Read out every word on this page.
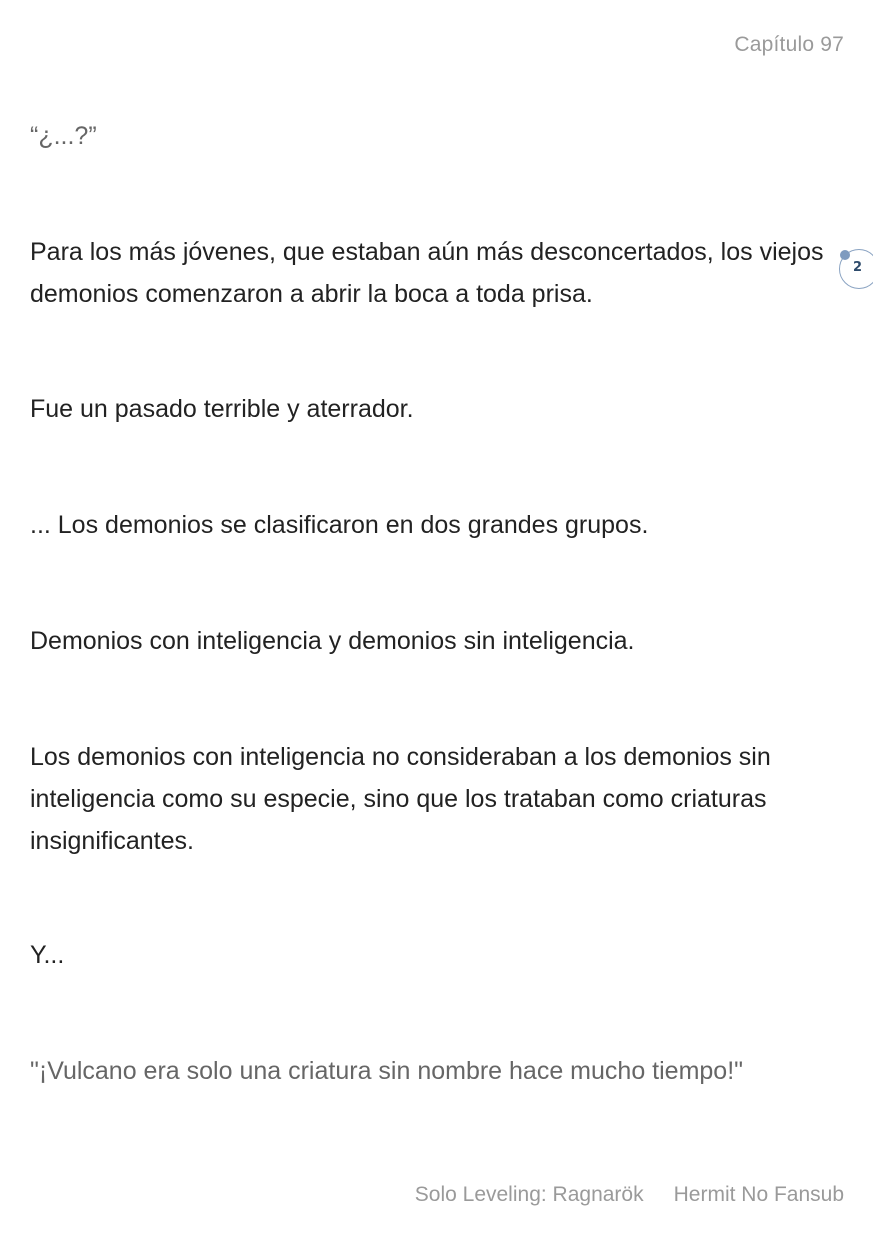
Capítulo 97

“¿...?”

Para los más jóvenes, que estaban aún más desconcertados, los viejos demonios comenzaron a abrir la boca a toda prisa.

Fue un pasado terrible y aterrador.

... Los demonios se clasificaron en dos grandes grupos.

Demonios con inteligencia y demonios sin inteligencia.

Los demonios con inteligencia no consideraban a los demonios sin inteligencia como su especie, sino que los trataban como criaturas insignificantes.

Y...

"¡Vulcano era solo una criatura sin nombre hace mucho tiempo!"

2
Solo Leveling: Ragnarök Hermit No Fansub
